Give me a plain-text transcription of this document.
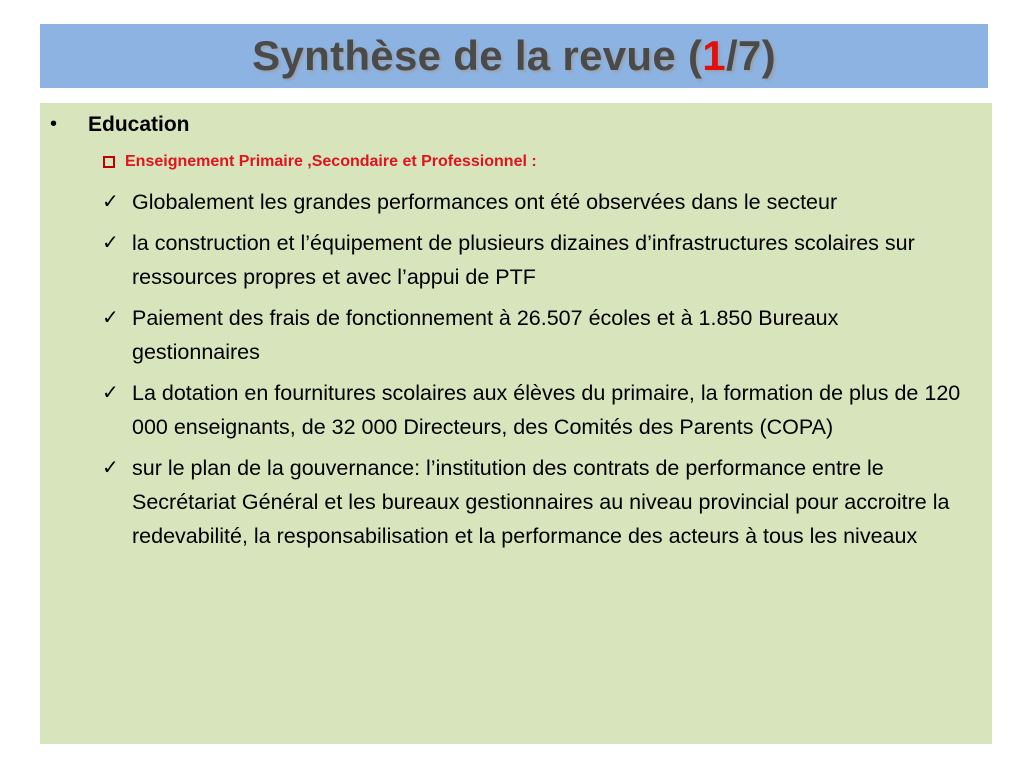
Synthèse de la revue (1/7)
•	Education
Enseignement Primaire ,Secondaire et Professionnel :
✓ Globalement les grandes performances ont été observées dans le secteur
✓ la construction et l’équipement de plusieurs dizaines d’infrastructures scolaires sur ressources propres et avec l’appui de PTF
✓ Paiement des frais de fonctionnement à 26.507 écoles et à 1.850 Bureaux gestionnaires
✓ La dotation en fournitures scolaires aux élèves du primaire, la formation de plus de 120 000 enseignants, de 32 000 Directeurs, des Comités des Parents (COPA)
✓ sur le plan de la gouvernance: l’institution des contrats de performance entre le Secrétariat Général et les bureaux gestionnaires au niveau provincial pour accroitre la redevabilité, la responsabilisation et la performance des acteurs à tous les niveaux
